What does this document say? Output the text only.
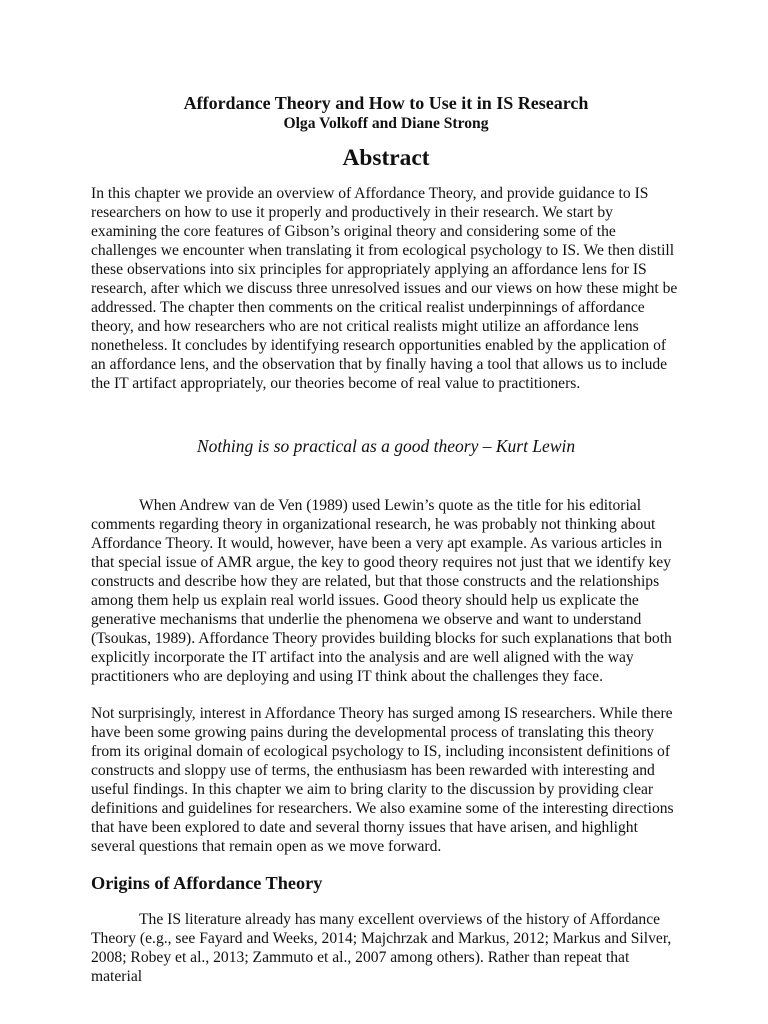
Affordance Theory and How to Use it in IS Research

Olga Volkoff and Diane Strong

Abstract

In this chapter we provide an overview of Affordance Theory, and provide guidance to IS researchers on how to use it properly and productively in their research. We start by examining the core features of Gibson’s original theory and considering some of the challenges we encounter when translating it from ecological psychology to IS. We then distill these observations into six principles for appropriately applying an affordance lens for IS research, after which we discuss three unresolved issues and our views on how these might be addressed. The chapter then comments on the critical realist underpinnings of affordance theory, and how researchers who are not critical realists might utilize an affordance lens nonetheless. It concludes by identifying research opportunities enabled by the application of an affordance lens, and the observation that by finally having a tool that allows us to include the IT artifact appropriately, our theories become of real value to practitioners.

Nothing is so practical as a good theory – Kurt Lewin

When Andrew van de Ven (1989) used Lewin’s quote as the title for his editorial comments regarding theory in organizational research, he was probably not thinking about Affordance Theory. It would, however, have been a very apt example. As various articles in that special issue of AMR argue, the key to good theory requires not just that we identify key constructs and describe how they are related, but that those constructs and the relationships among them help us explain real world issues. Good theory should help us explicate the generative mechanisms that underlie the phenomena we observe and want to understand (Tsoukas, 1989). Affordance Theory provides building blocks for such explanations that both explicitly incorporate the IT artifact into the analysis and are well aligned with the way practitioners who are deploying and using IT think about the challenges they face.

Not surprisingly, interest in Affordance Theory has surged among IS researchers. While there have been some growing pains during the developmental process of translating this theory from its original domain of ecological psychology to IS, including inconsistent definitions of constructs and sloppy use of terms, the enthusiasm has been rewarded with interesting and useful findings. In this chapter we aim to bring clarity to the discussion by providing clear definitions and guidelines for researchers. We also examine some of the interesting directions that have been explored to date and several thorny issues that have arisen, and highlight several questions that remain open as we move forward.

Origins of Affordance Theory

The IS literature already has many excellent overviews of the history of Affordance Theory (e.g., see Fayard and Weeks, 2014; Majchrzak and Markus, 2012; Markus and Silver, 2008; Robey et al., 2013; Zammuto et al., 2007 among others). Rather than repeat that material
